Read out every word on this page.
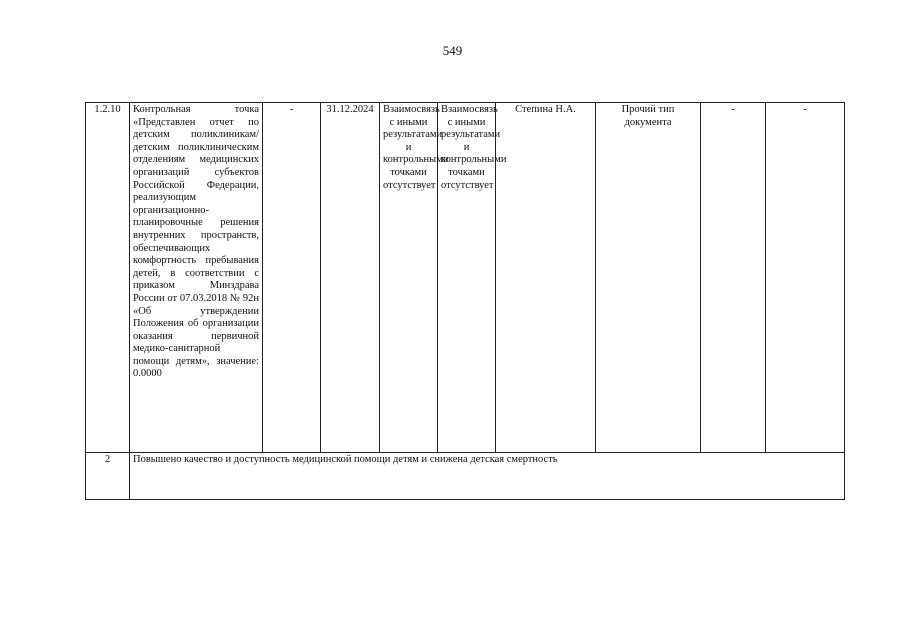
549
1.2.10	Контрольная точка «Представлен отчет по детским поликлиникам/ детским поликлиническим отделениям медицинских организаций субъектов Российской Федерации, реализующим организационно-планировочные решения внутренних пространств, обеспечивающих комфортность пребывания детей, в соответствии с приказом Минздрава России от 07.03.2018 № 92н «Об утверждении Положения об организации оказания первичной медико-санитарной помощи детям», значение: 0.0000	-	31.12.2024	Взаимосвязь с иными результатами и контрольными точками отсутствует	Взаимосвязь с иными результатами и контрольными точками отсутствует	Степина Н.А.	Прочий тип документа	-	-
2	Повышено качество и доступность медицинской помощи детям и снижена детская смертность								
